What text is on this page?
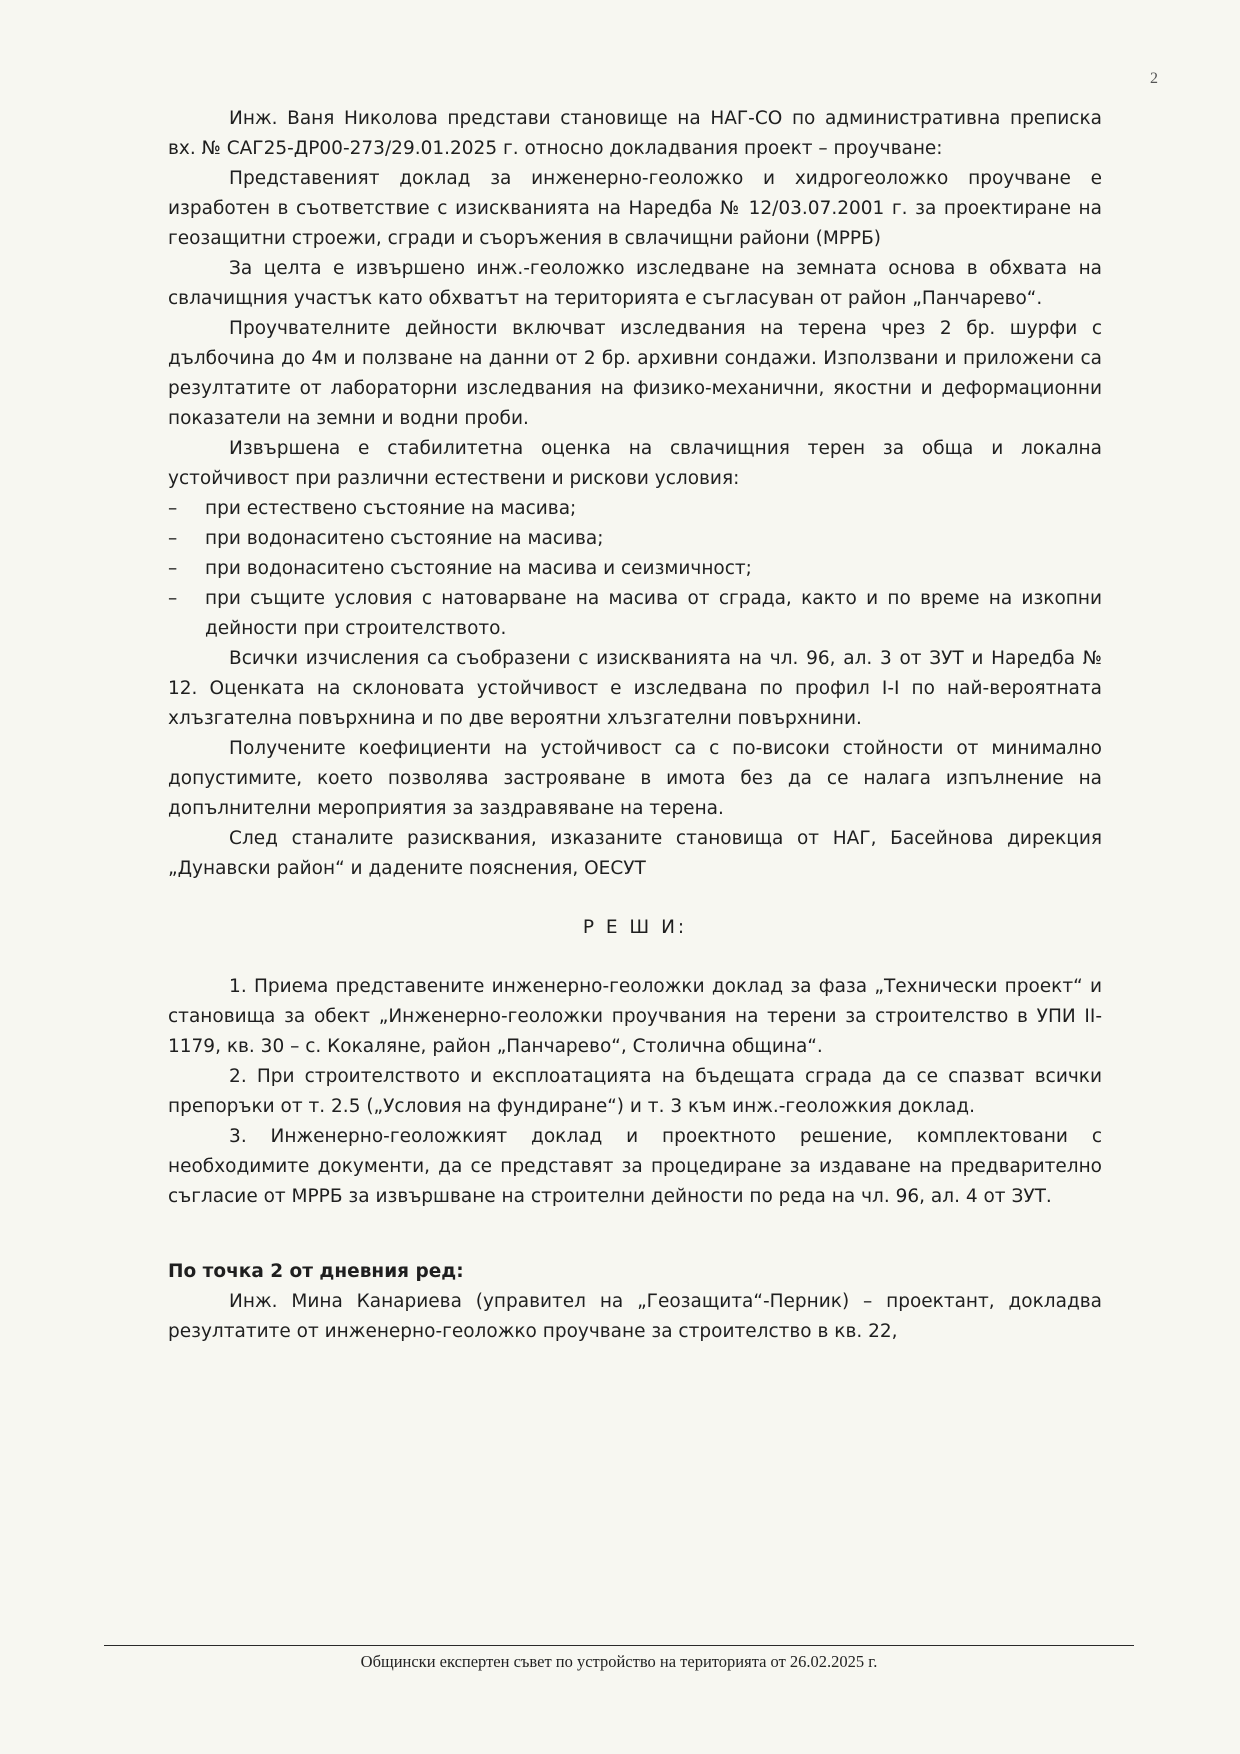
2

Инж. Ваня Николова представи становище на НАГ-СО по административна преписка вх. № САГ25-ДР00-273/29.01.2025 г. относно докладвания проект – проучване:

Представеният доклад за инженерно-геоложко и хидрогеоложко проучване е изработен в съответствие с изискванията на Наредба № 12/03.07.2001 г. за проектиране на геозащитни строежи, сгради и съоръжения в свлачищни райони (МРРБ)

За целта е извършено инж.-геоложко изследване на земната основа в обхвата на свлачищния участък като обхватът на територията е съгласуван от район „Панчарево“.

Проучвателните дейности включват изследвания на терена чрез 2 бр. шурфи с дълбочина до 4м и ползване на данни от 2 бр. архивни сондажи. Използвани и приложени са резултатите от лабораторни изследвания на физико-механични, якостни и деформационни показатели на земни и водни проби.

Извършена е стабилитетна оценка на свлачищния терен за обща и локална устойчивост при различни естествени и рискови условия:

– при естествено състояние на масива;
– при водонаситено състояние на масива;
– при водонаситено състояние на масива и сеизмичност;
– при същите условия с натоварване на масива от сграда, както и по време на изкопни дейности при строителството.

Всички изчисления са съобразени с изискванията на чл. 96, ал. 3 от ЗУТ и Наредба № 12. Оценката на склоновата устойчивост е изследвана по профил I-I по най-вероятната хлъзгателна повърхнина и по две вероятни хлъзгателни повърхнини.

Получените коефициенти на устойчивост са с по-високи стойности от минимално допустимите, което позволява застрояване в имота без да се налага изпълнение на допълнителни мероприятия за заздравяване на терена.

След станалите разисквания, изказаните становища от НАГ, Басейнова дирекция „Дунавски район“ и дадените пояснения, ОЕСУТ

Р Е Ш И:

1. Приема представените инженерно-геоложки доклад за фаза „Технически проект“ и становища за обект „Инженерно-геоложки проучвания на терени за строителство в УПИ II-1179, кв. 30 – с. Кокаляне, район „Панчарево“, Столична община“.

2. При строителството и експлоатацията на бъдещата сграда да се спазват всички препоръки от т. 2.5 („Условия на фундиране“) и т. 3 към инж.-геоложкия доклад.

3. Инженерно-геоложкият доклад и проектното решение, комплектовани с необходимите документи, да се представят за процедиране за издаване на предварително съгласие от МРРБ за извършване на строителни дейности по реда на чл. 96, ал. 4 от ЗУТ.

По точка 2 от дневния ред:

Инж. Мина Канариева (управител на „Геозащита“-Перник) – проектант, докладва резултатите от инженерно-геоложко проучване за строителство в кв. 22,

Общински експертен съвет по устройство на територията от 26.02.2025 г.
